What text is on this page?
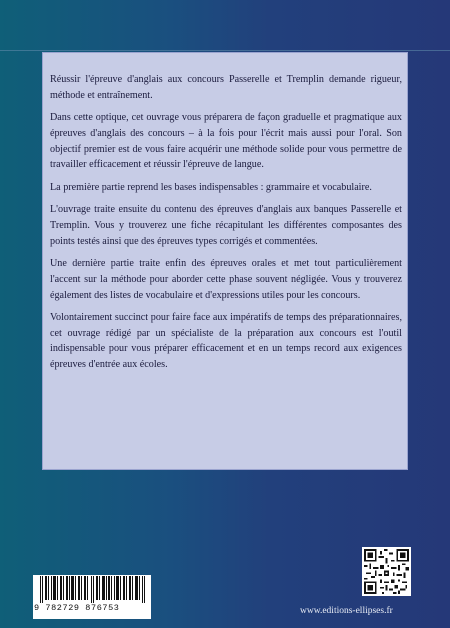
Réussir l'épreuve d'anglais aux concours Passerelle et Tremplin demande rigueur, méthode et entraînement.

Dans cette optique, cet ouvrage vous préparera de façon graduelle et pragmatique aux épreuves d'anglais des concours – à la fois pour l'écrit mais aussi pour l'oral. Son objectif premier est de vous faire acquérir une méthode solide pour vous permettre de travailler efficacement et réussir l'épreuve de langue.

La première partie reprend les bases indispensables : grammaire et vocabulaire.

L'ouvrage traite ensuite du contenu des épreuves d'anglais aux banques Passerelle et Tremplin. Vous y trouverez une fiche récapitulant les différentes composantes des points testés ainsi que des épreuves types corrigés et commentées.

Une dernière partie traite enfin des épreuves orales et met tout particulièrement l'accent sur la méthode pour aborder cette phase souvent négligée. Vous y trouverez également des listes de vocabulaire et d'expressions utiles pour les concours.

Volontairement succinct pour faire face aux impératifs de temps des préparationnaires, cet ouvrage rédigé par un spécialiste de la préparation aux concours est l'outil indispensable pour vous préparer efficacement et en un temps record aux exigences épreuves d'entrée aux écoles.

9 782729 876753	www.editions-ellipses.fr
